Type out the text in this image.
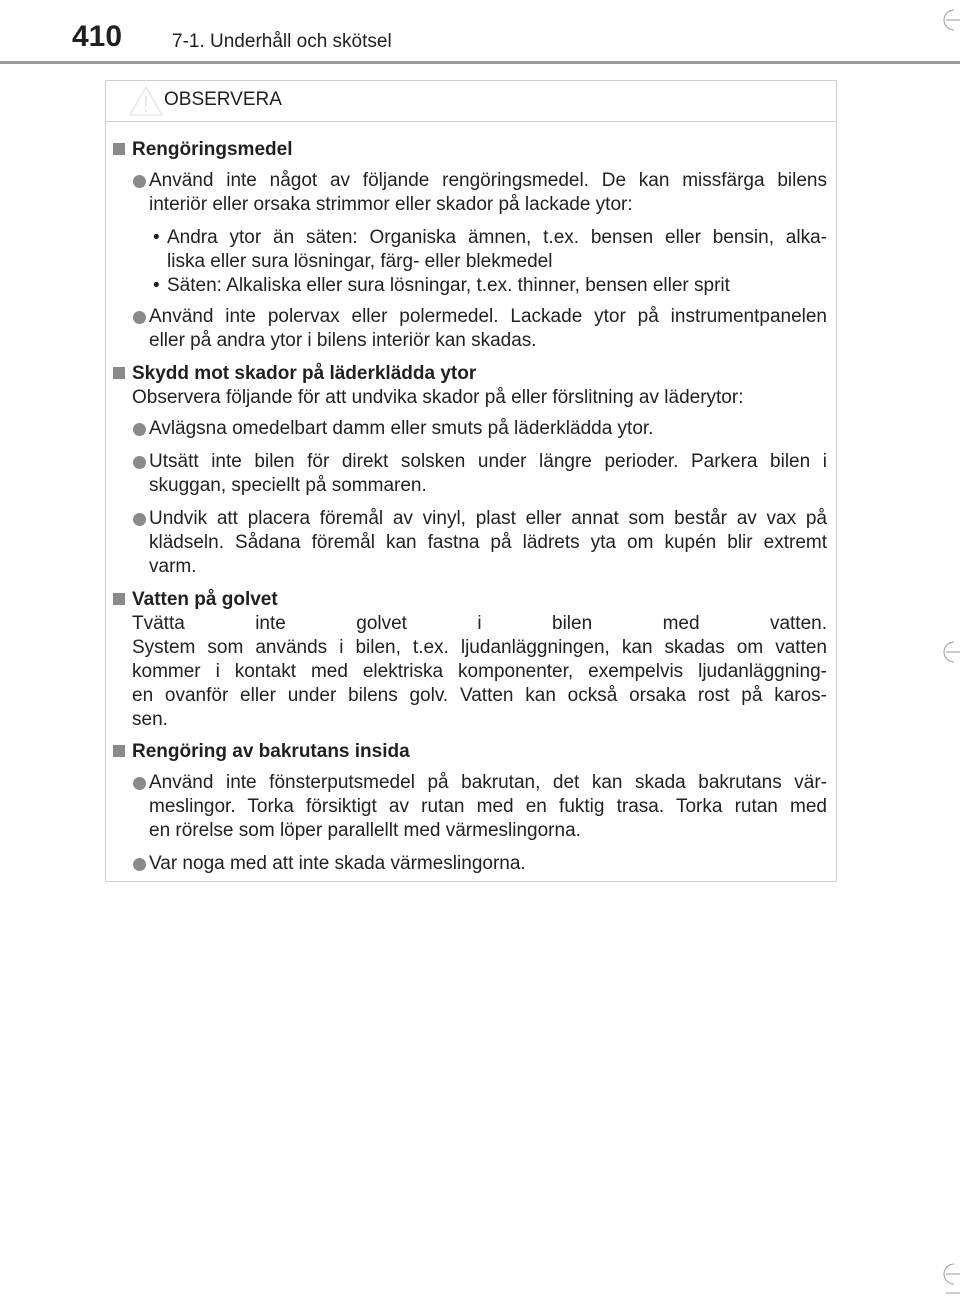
410	7-1. Underhåll och skötsel
OBSERVERA
Rengöringsmedel
Använd inte något av följande rengöringsmedel. De kan missfärga bilens
interiör eller orsaka strimmor eller skador på lackade ytor:
• Andra ytor än säten: Organiska ämnen, t.ex. bensen eller bensin, alka-
liska eller sura lösningar, färg- eller blekmedel
• Säten: Alkaliska eller sura lösningar, t.ex. thinner, bensen eller sprit
Använd inte polervax eller polermedel. Lackade ytor på instrumentpanelen
eller på andra ytor i bilens interiör kan skadas.
Skydd mot skador på läderklädda ytor
Observera följande för att undvika skador på eller förslitning av läderytor:
Avlägsna omedelbart damm eller smuts på läderklädda ytor.
Utsätt inte bilen för direkt solsken under längre perioder. Parkera bilen i
skuggan, speciellt på sommaren.
Undvik att placera föremål av vinyl, plast eller annat som består av vax på
klädseln. Sådana föremål kan fastna på lädrets yta om kupén blir extremt
varm.
Vatten på golvet
Tvätta inte golvet i bilen med vatten.
System som används i bilen, t.ex. ljudanläggningen, kan skadas om vatten
kommer i kontakt med elektriska komponenter, exempelvis ljudanläggning-
en ovanför eller under bilens golv. Vatten kan också orsaka rost på karos-
sen.
Rengöring av bakrutans insida
Använd inte fönsterputsmedel på bakrutan, det kan skada bakrutans vär-
meslingor. Torka försiktigt av rutan med en fuktig trasa. Torka rutan med
en rörelse som löper parallellt med värmeslingorna.
Var noga med att inte skada värmeslingorna.
